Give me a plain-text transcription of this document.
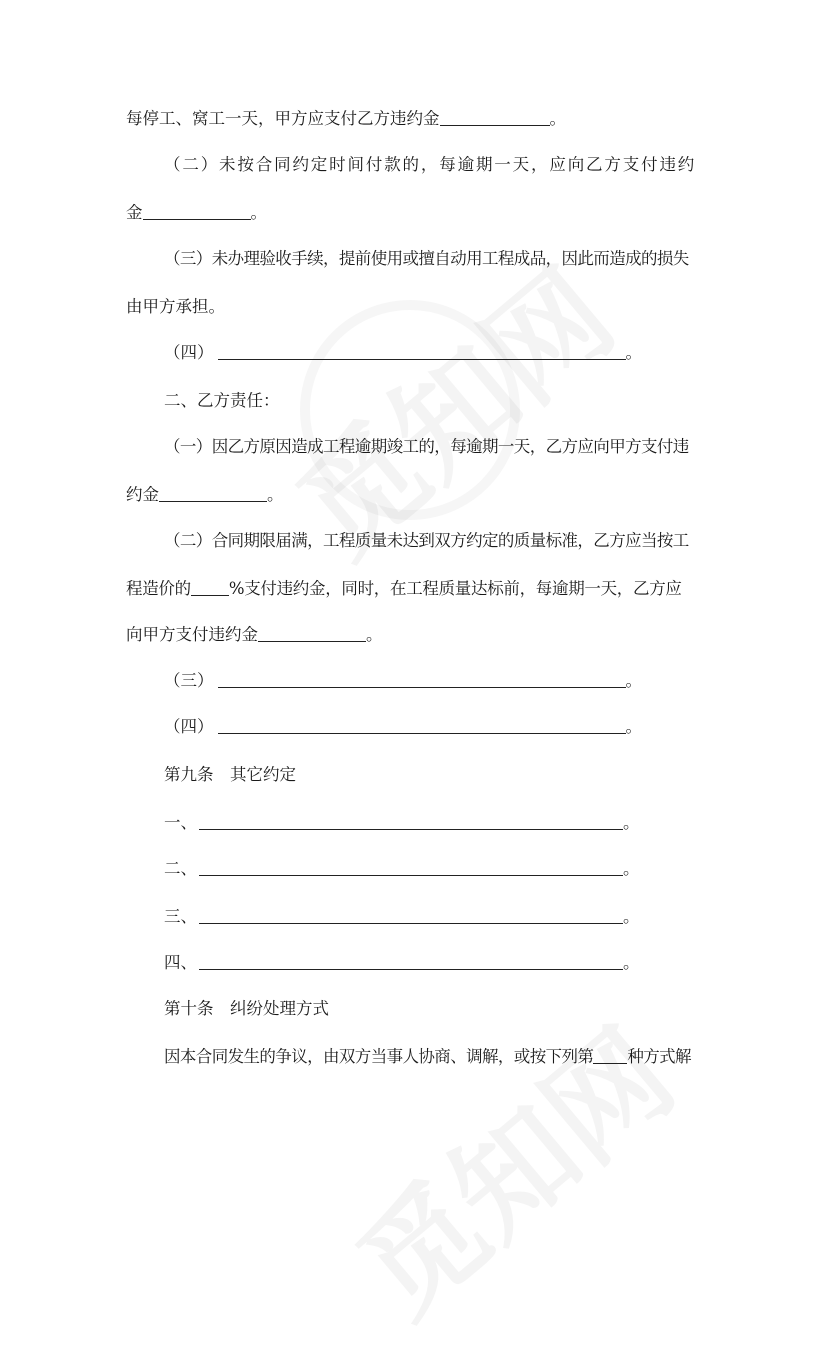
每停工、窝工一天，甲方应支付乙方违约金	。
（二）未按合同约定时间付款的，每逾期一天，应向乙方支付违约
金	。
（三）未办理验收手续，提前使用或擅自动用工程成品，因此而造成的损失
由甲方承担。
（四）	。
二、乙方责任：
（一）因乙方原因造成工程逾期竣工的，每逾期一天，乙方应向甲方支付违
约金	。
（二）合同期限届满，工程质量未达到双方约定的质量标准，乙方应当按工
程造价的 %支付违约金，同时，在工程质量达标前，每逾期一天，乙方应
向甲方支付违约金	。
（三）	。
（四）	。
第九条　其它约定
一、	。
二、	。
三、	。
四、	。
第十条　纠纷处理方式
因本合同发生的争议，由双方当事人协商、调解，或按下列第 种方式解
